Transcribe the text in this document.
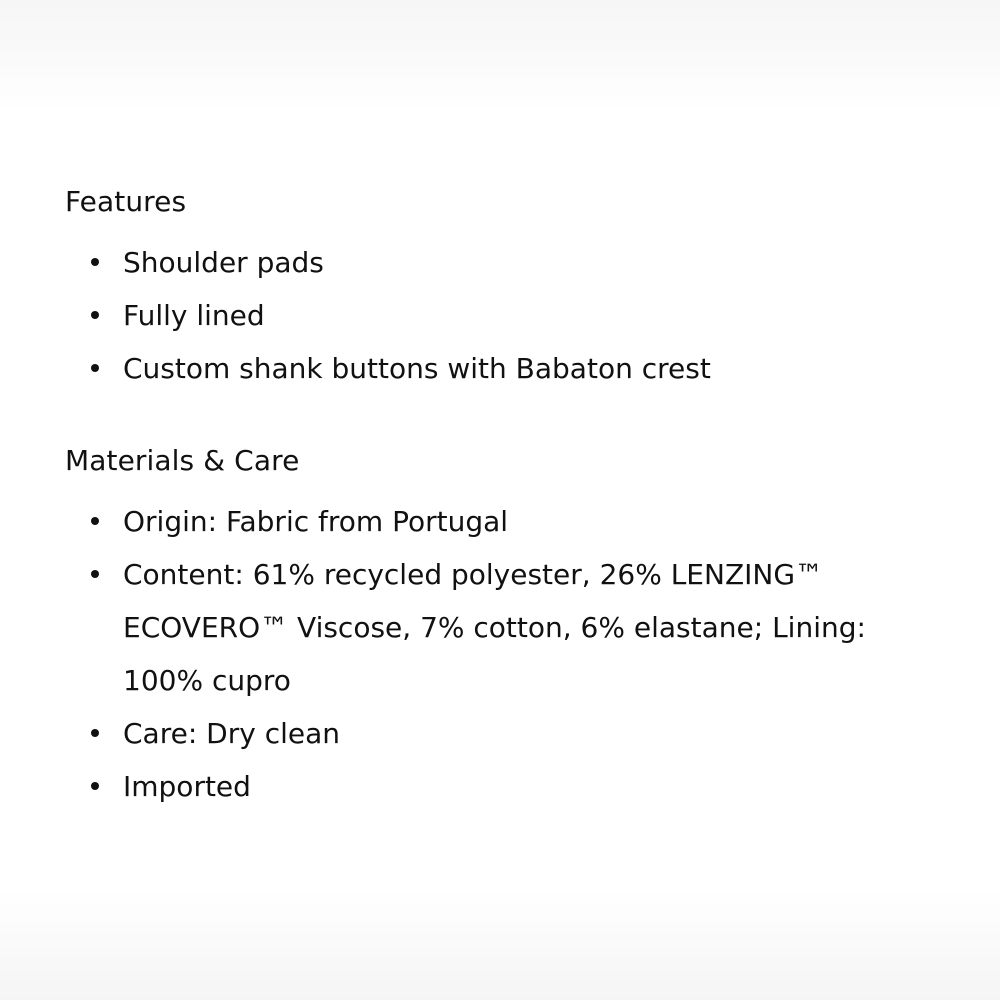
Features
Shoulder pads
Fully lined
Custom shank buttons with Babaton crest
Materials & Care
Origin: Fabric from Portugal
Content: 61% recycled polyester, 26% LENZING™ ECOVERO™ Viscose, 7% cotton, 6% elastane; Lining: 100% cupro
Care: Dry clean
Imported
